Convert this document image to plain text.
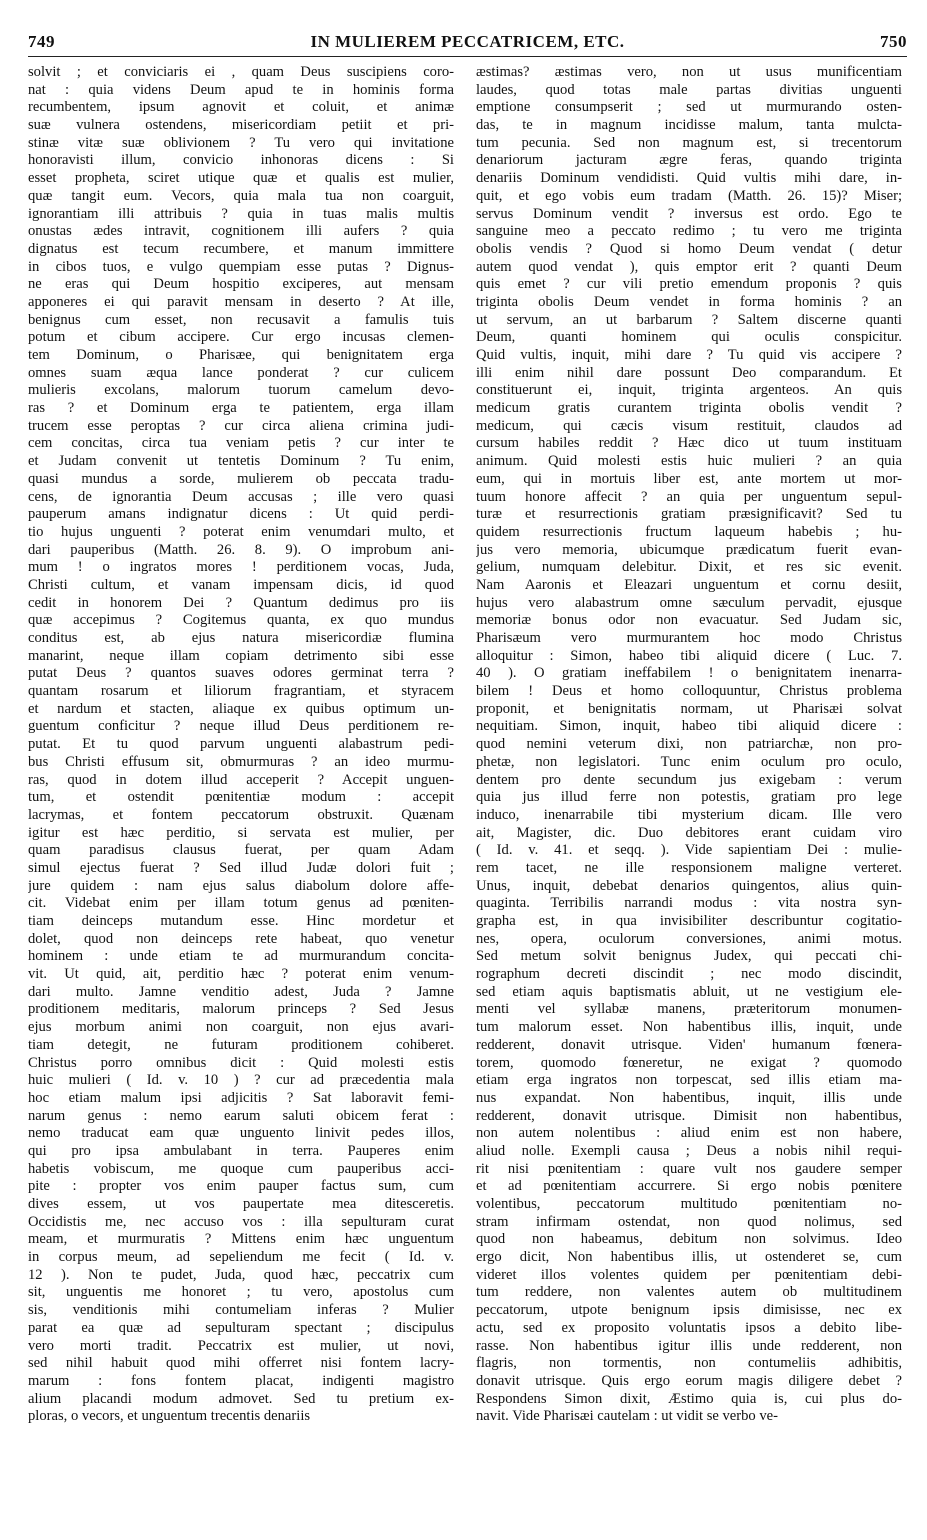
749	IN MULIEREM PECCATRICEM, ETC.	750
solvit ; et conviciaris ei , quam Deus suscipiens coro-
nat : quia videns Deum apud te in hominis forma
recumbentem, ipsum agnovit et coluit, et animæ
suæ vulnera ostendens, misericordiam petiit et pri-
stinæ vitæ suæ oblivionem ? Tu vero qui invitatione
honoravisti illum, convicio inhonoras dicens : Si
esset propheta, sciret utique quæ et qualis est mulier,
quæ tangit eum. Vecors, quia mala tua non coarguit,
ignorantiam illi attribuis ? quia in tuas malis multis
onustas ædes intravit, cognitionem illi aufers ? quia
dignatus est tecum recumbere, et manum immittere
in cibos tuos, e vulgo quempiam esse putas ? Dignus-
ne eras qui Deum hospitio exciperes, aut mensam
apponeres ei qui paravit mensam in deserto ? At ille,
benignus cum esset, non recusavit a famulis tuis
potum et cibum accipere. Cur ergo incusas clemen-
tem Dominum, o Pharisæe, qui benignitatem erga
omnes suam æqua lance ponderat ? cur culicem
mulieris excolans, malorum tuorum camelum devo-
ras ? et Dominum erga te patientem, erga illam
trucem esse peroptas ? cur circa aliena crimina judi-
cem concitas, circa tua veniam petis ? cur inter te
et Judam convenit ut tentetis Dominum ? Tu enim,
quasi mundus a sorde, mulierem ob peccata tradu-
cens, de ignorantia Deum accusas ; ille vero quasi
pauperum amans indignatur dicens : Ut quid perdi-
tio hujus unguenti ? poterat enim venumdari multo, et
dari pauperibus (Matth. 26. 8. 9). O improbum ani-
mum ! o ingratos mores ! perditionem vocas, Juda,
Christi cultum, et vanam impensam dicis, id quod
cedit in honorem Dei ? Quantum dedimus pro iis
quæ accepimus ? Cogitemus quanta, ex quo mundus
conditus est, ab ejus natura misericordiæ flumina
manarint, neque illam copiam detrimento sibi esse
putat Deus ? quantos suaves odores germinat terra ?
quantam rosarum et liliorum fragrantiam, et styracem
et nardum et stacten, aliaque ex quibus optimum un-
guentum conficitur ? neque illud Deus perditionem re-
putat. Et tu quod parvum unguenti alabastrum pedi-
bus Christi effusum sit, obmurmuras ? an ideo murmu-
ras, quod in dotem illud acceperit ? Accepit unguen-
tum, et ostendit pœnitentiæ modum : accepit
lacrymas, et fontem peccatorum obstruxit. Quænam
igitur est hæc perditio, si servata est mulier, per
quam paradisus clausus fuerat, per quam Adam
simul ejectus fuerat ? Sed illud Judæ dolori fuit ;
jure quidem : nam ejus salus diabolum dolore affe-
cit. Videbat enim per illam totum genus ad pœniten-
tiam deinceps mutandum esse. Hinc mordetur et
dolet, quod non deinceps rete habeat, quo venetur
hominem : unde etiam te ad murmurandum concita-
vit. Ut quid, ait, perditio hæc ? poterat enim venum-
dari multo. Jamne venditio adest, Juda ? Jamne
proditionem meditaris, malorum princeps ? Sed Jesus
ejus morbum animi non coarguit, non ejus avari-
tiam detegit, ne futuram proditionem cohiberet.
Christus porro omnibus dicit : Quid molesti estis
huic mulieri ( Id. v. 10 ) ? cur ad præcedentia mala
hoc etiam malum ipsi adjicitis ? Sat laboravit femi-
narum genus : nemo earum saluti obicem ferat :
nemo traducat eam quæ unguento linivit pedes illos,
qui pro ipsa ambulabant in terra. Pauperes enim
habetis vobiscum, me quoque cum pauperibus acci-
pite : propter vos enim pauper factus sum, cum
dives essem, ut vos paupertate mea ditesceretis.
Occidistis me, nec accuso vos : illa sepulturam curat
meam, et murmuratis ? Mittens enim hæc unguentum
in corpus meum, ad sepeliendum me fecit ( Id. v.
12 ). Non te pudet, Juda, quod hæc, peccatrix cum
sit, unguentis me honoret ; tu vero, apostolus cum
sis, venditionis mihi contumeliam inferas ? Mulier
parat ea quæ ad sepulturam spectant ; discipulus
vero morti tradit. Peccatrix est mulier, ut novi,
sed nihil habuit quod mihi offerret nisi fontem lacry-
marum : fons fontem placat, indigenti magistro
alium placandi modum admovet. Sed tu pretium ex-
ploras, o vecors, et unguentum trecentis denariis
æstimas? æstimas vero, non ut usus munificentiam
laudes, quod totas male partas divitias unguenti
emptione consumpserit ; sed ut murmurando osten-
das, te in magnum incidisse malum, tanta mulcta-
tum pecunia. Sed non magnum est, si trecentorum
denariorum jacturam ægre feras, quando triginta
denariis Dominum vendidisti. Quid vultis mihi dare, in-
quit, et ego vobis eum tradam (Matth. 26. 15)? Miser;
servus Dominum vendit ? inversus est ordo. Ego te
sanguine meo a peccato redimo ; tu vero me triginta
obolis vendis ? Quod si homo Deum vendat ( detur
autem quod vendat ), quis emptor erit ? quanti Deum
quis emet ? cur vili pretio emendum proponis ? quis
triginta obolis Deum vendet in forma hominis ? an
ut servum, an ut barbarum ? Saltem discerne quanti
Deum, quanti hominem qui oculis conspicitur.
Quid vultis, inquit, mihi dare ? Tu quid vis accipere ?
illi enim nihil dare possunt Deo comparandum. Et
constituerunt ei, inquit, triginta argenteos. An quis
medicum gratis curantem triginta obolis vendit ?
medicum, qui cæcis visum restituit, claudos ad
cursum habiles reddit ? Hæc dico ut tuum instituam
animum. Quid molesti estis huic mulieri ? an quia
eum, qui in mortuis liber est, ante mortem ut mor-
tuum honore affecit ? an quia per unguentum sepul-
turæ et resurrectionis gratiam præsignificavit? Sed tu
quidem resurrectionis fructum laqueum habebis ; hu-
jus vero memoria, ubicumque prædicatum fuerit evan-
gelium, numquam delebitur. Dixit, et res sic evenit.
Nam Aaronis et Eleazari unguentum et cornu desiit,
hujus vero alabastrum omne sæculum pervadit, ejusque
memoriæ bonus odor non evacuatur. Sed Judam sic,
Pharisæum vero murmurantem hoc modo Christus
alloquitur : Simon, habeo tibi aliquid dicere ( Luc. 7.
40 ). O gratiam ineffabilem ! o benignitatem inenarra-
bilem ! Deus et homo colloquuntur, Christus problema
proponit, et benignitatis normam, ut Pharisæi solvat
nequitiam. Simon, inquit, habeo tibi aliquid dicere :
quod nemini veterum dixi, non patriarchæ, non pro-
phetæ, non legislatori. Tunc enim oculum pro oculo,
dentem pro dente secundum jus exigebam : verum
quia jus illud ferre non potestis, gratiam pro lege
induco, inenarrabile tibi mysterium dicam. Ille vero
ait, Magister, dic. Duo debitores erant cuidam viro
( Id. v. 41. et seqq. ). Vide sapientiam Dei : mulie-
rem tacet, ne ille responsionem maligne verteret.
Unus, inquit, debebat denarios quingentos, alius quin-
quaginta. Terribilis narrandi modus : vita nostra syn-
grapha est, in qua invisibiliter describuntur cogitatio-
nes, opera, oculorum conversiones, animi motus.
Sed metum solvit benignus Judex, qui peccati chi-
rographum decreti discindit ; nec modo discindit,
sed etiam aquis baptismatis abluit, ut ne vestigium ele-
menti vel syllabæ manens, præteritorum monumen-
tum malorum esset. Non habentibus illis, inquit, unde
redderent, donavit utrisque. Viden' humanum fœnera-
torem, quomodo fœneretur, ne exigat ? quomodo
etiam erga ingratos non torpescat, sed illis etiam ma-
nus expandat. Non habentibus, inquit, illis unde
redderent, donavit utrisque. Dimisit non habentibus,
non autem nolentibus : aliud enim est non habere,
aliud nolle. Exempli causa ; Deus a nobis nihil requi-
rit nisi pœnitentiam : quare vult nos gaudere semper
et ad pœnitentiam accurrere. Si ergo nobis pœnitere
volentibus, peccatorum multitudo pœnitentiam no-
stram infirmam ostendat, non quod nolimus, sed
quod non habeamus, debitum non solvimus. Ideo
ergo dicit, Non habentibus illis, ut ostenderet se, cum
videret illos volentes quidem per pœnitentiam debi-
tum reddere, non valentes autem ob multitudinem
peccatorum, utpote benignum ipsis dimisisse, nec ex
actu, sed ex proposito voluntatis ipsos a debito libe-
rasse. Non habentibus igitur illis unde redderent, non
flagris, non tormentis, non contumeliis adhibitis,
donavit utrisque. Quis ergo eorum magis diligere debet ?
Respondens Simon dixit, Æstimo quia is, cui plus do-
navit. Vide Pharisæi cautelam : ut vidit se verbo ve-
